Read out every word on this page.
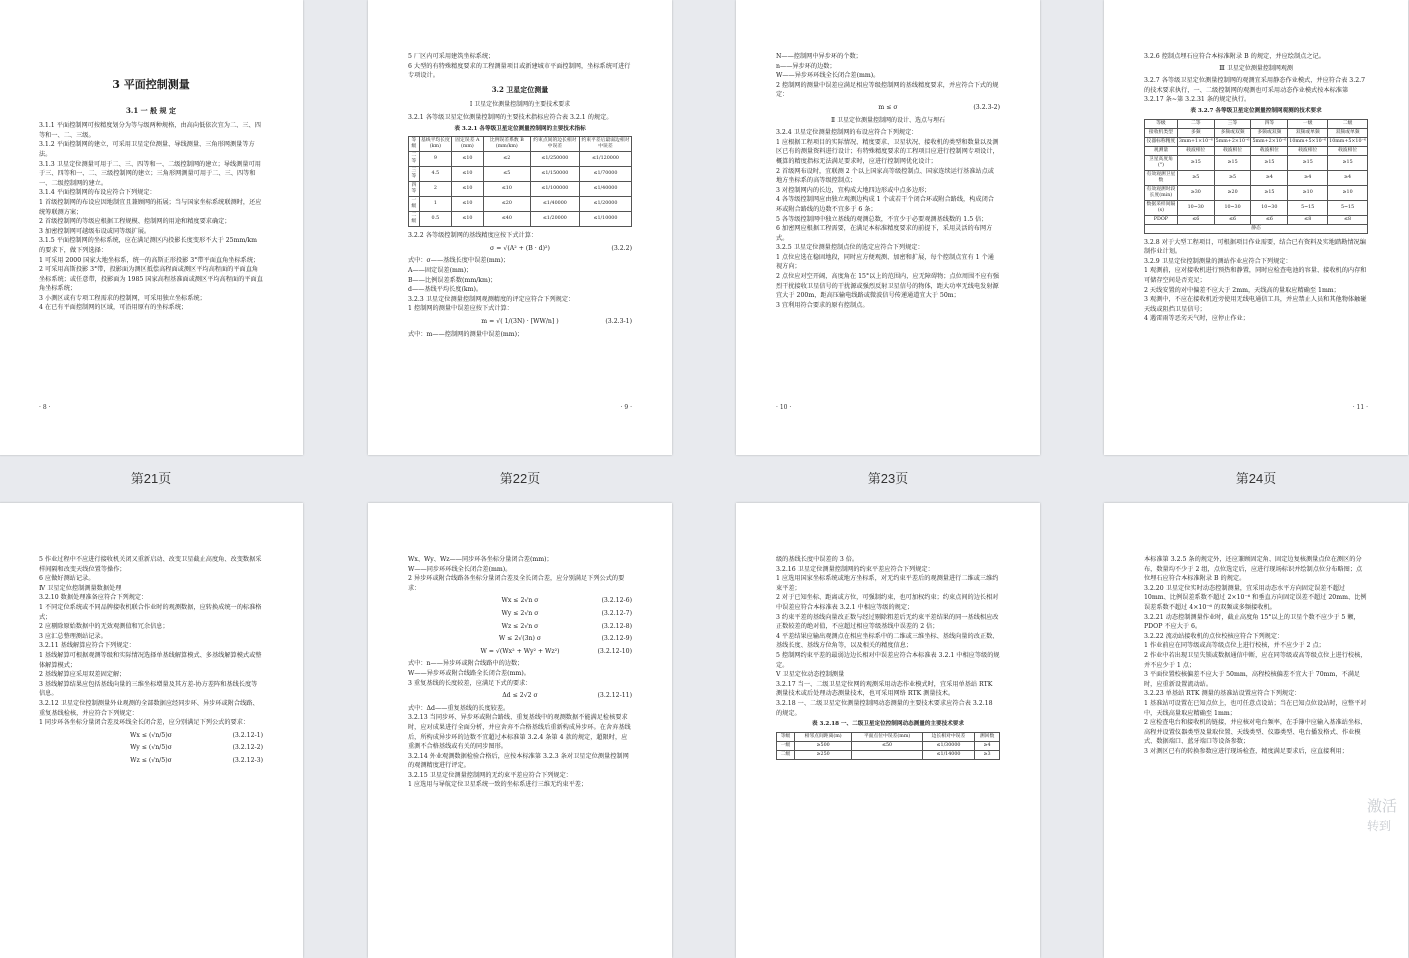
3 平面控制测量
3.1 一 般 规 定

3.1.1 平面控制网可按精度划分为等与级两种规格，由高向低依次宜为二、三、四等和一、二、三级。

3.1.2 平面控制网的建立，可采用卫星定位测量、导线测量、三角形网测量等方法。

3.1.3 卫星定位测量可用于二、三、四等和一、二级控制网的建立；导线测量可用于三、四等和一、二、三级控制网的建立；三角形网测量可用于二、三、四等和一、二级控制网的建立。

3.1.4 平面控制网的布设应符合下列规定：

1 首级控制网的布设应因地制宜且兼顾网的拓展；当与国家坐标系统联测时，还应统筹联测方案；

2 首级控制网的等级应根据工程规模、控制网的用途和精度要求确定；

3 加密控制网可越级布设或同等级扩展。

3.1.5 平面控制网的坐标系统，应在满足测区内投影长度变形不大于 25mm/km 的要求下，做下列选择：

1 可采用 2000 国家大地坐标系，统一的高斯正形投影 3°带平面直角坐标系统；

2 可采用高斯投影 3°带，投影面为测区抵偿高程面或测区平均高程面的平面直角坐标系统；或任意带，投影面为 1985 国家高程基准面或测区平均高程面的平面直角坐标系统；

3 小测区或有专项工程需求的控制网，可采用独立坐标系统；

4 在已有平面控制网的区域，可沿用原有的坐标系统；

· 8 ·
第21页

5 厂区内可采用建筑坐标系统；

6 大型的有特殊精度要求的工程测量项目或新建城市平面控制网，坐标系统可进行专项设计。

3.2 卫星定位测量
Ⅰ 卫星定位测量控制网的主要技术要求

3.2.1 各等级卫星定位测量控制网的主要技术指标应符合表 3.2.1 的规定。

表 3.2.1 各等级卫星定位测量控制网的主要技术指标
等级	基线平均长度(km)	固定误差 A (mm)	比例误差系数 B (mm/km)	约束点间的边长相对中误差	约束平差后最弱边相对中误差
二等	9	≤10	≤2	≤1/250000	≤1/120000
三等	4.5	≤10	≤5	≤1/150000	≤1/70000
四等	2	≤10	≤10	≤1/100000	≤1/40000
一级	1	≤10	≤20	≤1/40000	≤1/20000
二级	0.5	≤10	≤40	≤1/20000	≤1/10000

3.2.2 各等级控制网的基线精度应按下式计算：

σ = √(A² + (B · d)²)	(3.2.2)

式中：σ——基线长度中误差(mm)；

A——固定误差(mm)；

B——比例误差系数(mm/km)；

d——基线平均长度(km)。

3.2.3 卫星定位测量控制网观测精度的评定应符合下列规定：

1 控制网的测量中误差应按下式计算：

m = √( 1/(3N) · [WW/n] )	(3.2.3-1)

式中：m——控制网的测量中误差(mm)；

· 9 ·
第22页

N——控制网中异步环的个数；

n——异步环的边数；

W——异步环环线全长闭合差(mm)。

2 控制网的测量中误差应满足相应等级控制网的基线精度要求，并应符合下式的规定：

m ≤ σ	(3.2.3-2)
Ⅱ 卫星定位测量控制网的设计、选点与埋石

3.2.4 卫星定位测量控制网的布设应符合下列规定：

1 应根据工程项目的实际情况、精度要求、卫星状况、接收机的类型和数量以及测区已有的测量资料进行设计；有特殊精度要求的工程项目应进行控制网专项设计，概算的精度指标无法满足要求时，应进行控制网优化设计；

2 首级网布设时，宜联测 2 个以上国家高等级控制点、国家连续运行基准站点或地方坐标系的高等级控制点；

3 对控制网内的长边，宜构成大地四边形或中点多边形；

4 各等级控制网应由独立观测边构成 1 个或若干个闭合环或附合路线，构成闭合环或附合路线的边数不宜多于 6 条；

5 各等级控制网中独立基线的观测总数，不宜少于必要观测基线数的 1.5 倍；

6 加密网应根据工程需要，在满足本标准精度要求的前提下，采用灵活的布网方式。

3.2.5 卫星定位测量控制点位的选定应符合下列规定：

1 点位应选在稳固地段，同时应方便观测、加密和扩展，每个控制点宜有 1 个通视方向；

2 点位应对空开阔，高度角在 15°以上的范围内，应无障碍物；点位周围不应有强烈干扰接收卫星信号的干扰源或强烈反射卫星信号的物体，距大功率无线电发射源宜大于 200m，距高压输电线路或微波信号传递通道宜大于 50m；

3 宜利用符合要求的原有控制点。

· 10 ·
第23页

3.2.6 控制点埋石应符合本标准附录 B 的规定，并应绘制点之记。

Ⅲ 卫星定位测量控制网观测

3.2.7 各等级卫星定位测量控制网的观测宜采用静态作业模式，并应符合表 3.2.7 的技术要求执行，一、二级控制网的观测也可采用动态作业模式按本标准第 3.2.17 条~第 3.2.31 条的规定执行。

表 3.2.7 各等级卫星定位测量控制网观测的技术要求
等级	二等	三等	四等	一级	二级
接收机类型	多频	多频或双频	多频或双频	双频或单频	双频或单频
仪器标称精度	3mm+1×10⁻⁶	5mm+2×10⁻⁶	5mm+2×10⁻⁶	10mm+5×10⁻⁶	10mm+5×10⁻⁶
观测量	载波相位	载波相位	载波相位	载波相位	载波相位
卫星高度角(°)	≥15	≥15	≥15	≥15	≥15
有效观测卫星数	≥5	≥5	≥4	≥4	≥4
有效观测时段长度(min)	≥30	≥20	≥15	≥10	≥10
数据采样间隔(s)	10~30	10~30	10~30	5~15	5~15
PDOP	≤6	≤6	≤6	≤8	≤8
静态					

3.2.8 对于大型工程项目，可根据项目作业需要，结合已有资料及实地踏勘情况编制作业计划。

3.2.9 卫星定位控制测量的测站作业应符合下列规定：

1 观测前，应对接收机进行预热和静置，同时应检查电池的容量、接收机的内存和可储存空间是否充足；

2 天线安置的对中偏差不应大于 2mm，天线高的量取应精确至 1mm；

3 观测中，不应在接收机近旁使用无线电通信工具，并应禁止人员和其他物体触碰天线或阻挡卫星信号；

4 遇雷雨等恶劣天气时，应停止作业；

· 11 ·
第24页

5 作业过程中不应进行接收机关闭又重新启动、改变卫星截止高度角、改变数据采样间隔和改变天线位置等操作；

6 应做好测站记录。

Ⅳ 卫星定位控制测量数据处理

3.2.10 数据处理准备应符合下列规定：

1 不同定位系统或不同品牌接收机联合作业时的观测数据，应转换成统一的标准格式；

2 应剔除原始数据中的无效观测值和冗余信息；

3 应汇总整理测站记录。

3.2.11 基线解算应符合下列规定：

1 基线解算可根据观测等级和实际情况选择单基线解算模式、多基线解算模式或整体解算模式；

2 基线解算应采用双差固定解；

3 基线解算结果应包括基线向量的三维坐标增量及其方差-协方差阵和基线长度等信息。

3.2.12 卫星定位控制测量外业观测的全部数据应经同步环、异步环或附合线路、重复基线检核，并应符合下列规定：

1 同步环各坐标分量闭合差及环线全长闭合差，应分别满足下列公式的要求：

Wx ≤ (√n/5)σ	(3.2.12-1)
Wy ≤ (√n/5)σ	(3.2.12-2)
Wz ≤ (√n/5)σ	(3.2.12-3)

Wx、Wy、Wz——同步环各坐标分量闭合差(mm)；

W——同步环环线全长闭合差(mm)。

2 异步环或附合线路各坐标分量闭合差及全长闭合差，应分别满足下列公式的要求：

Wx ≤ 2√n σ	(3.2.12-6)
Wy ≤ 2√n σ	(3.2.12-7)
Wz ≤ 2√n σ	(3.2.12-8)
W ≤ 2√(3n) σ	(3.2.12-9)
W = √(Wx² + Wy² + Wz²)	(3.2.12-10)

式中：n——异步环或附合线路中的边数；

W——异步环或附合线路全长闭合差(mm)。

3 重复基线的长度较差，应满足下式的要求：

Δd ≤ 2√2 σ	(3.2.12-11)

式中：Δd——重复基线的长度较差。

3.2.13 当同步环、异步环或附合路线、重复基线中的观测数据不能满足检核要求时，应对成果进行全面分析，并应舍弃不合格基线后重新构成异步环。在舍弃基线后，所构成异步环的边数不宜超过本标准第 3.2.4 条第 4 款的规定，超限时，应重测不合格基线或有关的同步图形。

3.2.14 外业观测数据检验合格后，应按本标准第 3.2.3 条对卫星定位测量控制网的观测精度进行评定。

3.2.15 卫星定位测量控制网的无约束平差应符合下列规定：

1 应选用与导航定位卫星系统一致的坐标系进行三维无约束平差；

级的基线长度中误差的 3 倍。

3.2.16 卫星定位测量控制网的约束平差应符合下列规定：

1 应选用国家坐标系统或地方坐标系，对无约束平差后的观测量进行二维或三维约束平差；

2 对于已知坐标、距离或方位，可强制约束，也可加权约束；约束点间的边长相对中误差应符合本标准表 3.2.1 中相应等级的规定；

3 约束平差的基线向量改正数与经过剔除粗差后无约束平差结果的同一基线相应改正数较差的绝对值，不应超过相应等级基线中误差的 2 倍；

4 平差结果应输出观测点在相应坐标系中的二维或三维坐标、基线向量的改正数、基线长度、基线方位角等，以及相关的精度信息；

5 控制网约束平差的最弱边边长相对中误差应符合本标准表 3.2.1 中相应等级的规定。

Ⅴ 卫星定位动态控制测量

3.2.17 当一、二级卫星定位网的观测采用动态作业模式时，宜采用单基站 RTK 测量技术或后处理动态测量技术，也可采用网络 RTK 测量技术。

3.2.18 一、二级卫星定位测量控制网动态测量的主要技术要求应符合表 3.2.18 的规定。

表 3.2.18 一、二级卫星定位控制网动态测量的主要技术要求
等级	相邻点间距离(m)	平面点位中误差(mm)	边长相对中误差	测回数
一级	≥500	≤50	≤1/30000	≥4
二级	≥250		≤1/14000	≥3

本标准第 3.2.5 条的规定外，还应兼顾固定角、固定边复核测量点位在测区的分布，数量均不少于 2 组，点位选定后，应进行现场标识并绘制点位分布略图；点位埋石应符合本标准附录 B 的规定。

3.2.20 卫星定位实时动态控制测量，宜采用动态水平方向固定误差不超过 10mm、比例误差系数不超过 2×10⁻⁶ 和垂直方向固定误差不超过 20mm、比例误差系数不超过 4×10⁻⁶ 的双频或多频接收机。

3.2.21 动态控制测量作业时，截止高度角 15°以上的卫星个数不应少于 5 颗，PDOP 不应大于 6。

3.2.22 流动站接收机的点位校核应符合下列规定：

1 作业前应在同等级或高等级点位上进行校核，并不应少于 2 点；

2 作业中若出现卫星失锁或数据通信中断，应在同等级或高等级点位上进行校核，并不应少于 1 点；

3 平面位置校核偏差不应大于 50mm，高程校核偏差不宜大于 70mm，不满足时，应重新设置流动站。

3.2.23 单基站 RTK 测量的基准站设置应符合下列规定：

1 基准站可设置在已知点位上，也可任意点设站；当在已知点位设站时，应整平对中，天线高量取应精确至 1mm；

2 应检查电台和接收机的链接，并应核对电台频率，在手簿中应输入基准站坐标、高程并设置仪器类型及量取位置、天线类型、仪器类型、电台播发格式、作业模式、数据端口、蓝牙端口等设备参数；

3 对测区已有的转换参数应进行现场检查，精度满足要求后，应直接利用；

激活
转到
